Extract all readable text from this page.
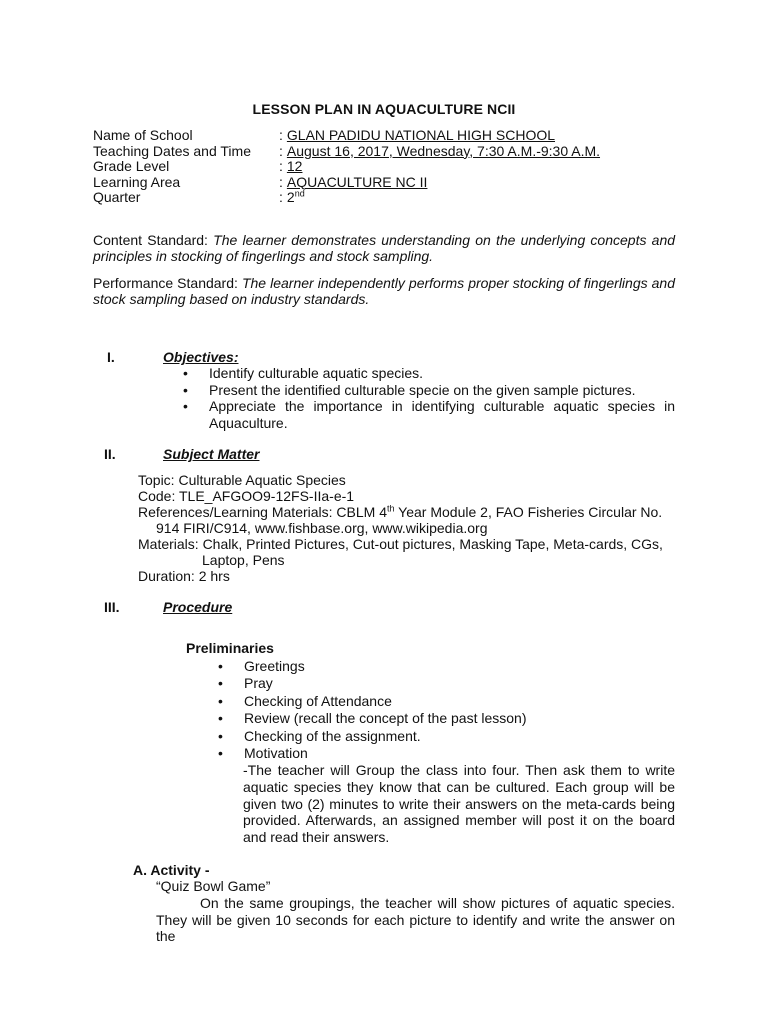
LESSON PLAN IN AQUACULTURE NCII
Name of School	: GLAN PADIDU NATIONAL HIGH SCHOOL
Teaching Dates and Time	: August 16, 2017, Wednesday, 7:30 A.M.-9:30 A.M.
Grade Level	: 12
Learning Area	: AQUACULTURE NC II
Quarter	: 2nd
Content Standard: The learner demonstrates understanding on the underlying concepts and principles in stocking of fingerlings and stock sampling.
Performance Standard: The learner independently performs proper stocking of fingerlings and stock sampling based on industry standards.
I.	Objectives:
• Identify culturable aquatic species.
• Present the identified culturable specie on the given sample pictures.
• Appreciate the importance in identifying culturable aquatic species in Aquaculture.
II.	Subject Matter
Topic: Culturable Aquatic Species
Code: TLE_AFGOO9-12FS-IIa-e-1
References/Learning Materials: CBLM 4th Year Module 2, FAO Fisheries Circular No.
914 FIRI/C914, www.fishbase.org, www.wikipedia.org
Materials: Chalk, Printed Pictures, Cut-out pictures, Masking Tape, Meta-cards, CGs,
Laptop, Pens
Duration: 2 hrs
III.	Procedure
Preliminaries
• Greetings
• Pray
• Checking of Attendance
• Review (recall the concept of the past lesson)
• Checking of the assignment.
• Motivation
-The teacher will Group the class into four. Then ask them to write aquatic species they know that can be cultured. Each group will be given two (2) minutes to write their answers on the meta-cards being provided. Afterwards, an assigned member will post it on the board and read their answers.
A. Activity -
“Quiz Bowl Game”
On the same groupings, the teacher will show pictures of aquatic species. They will be given 10 seconds for each picture to identify and write the answer on the
